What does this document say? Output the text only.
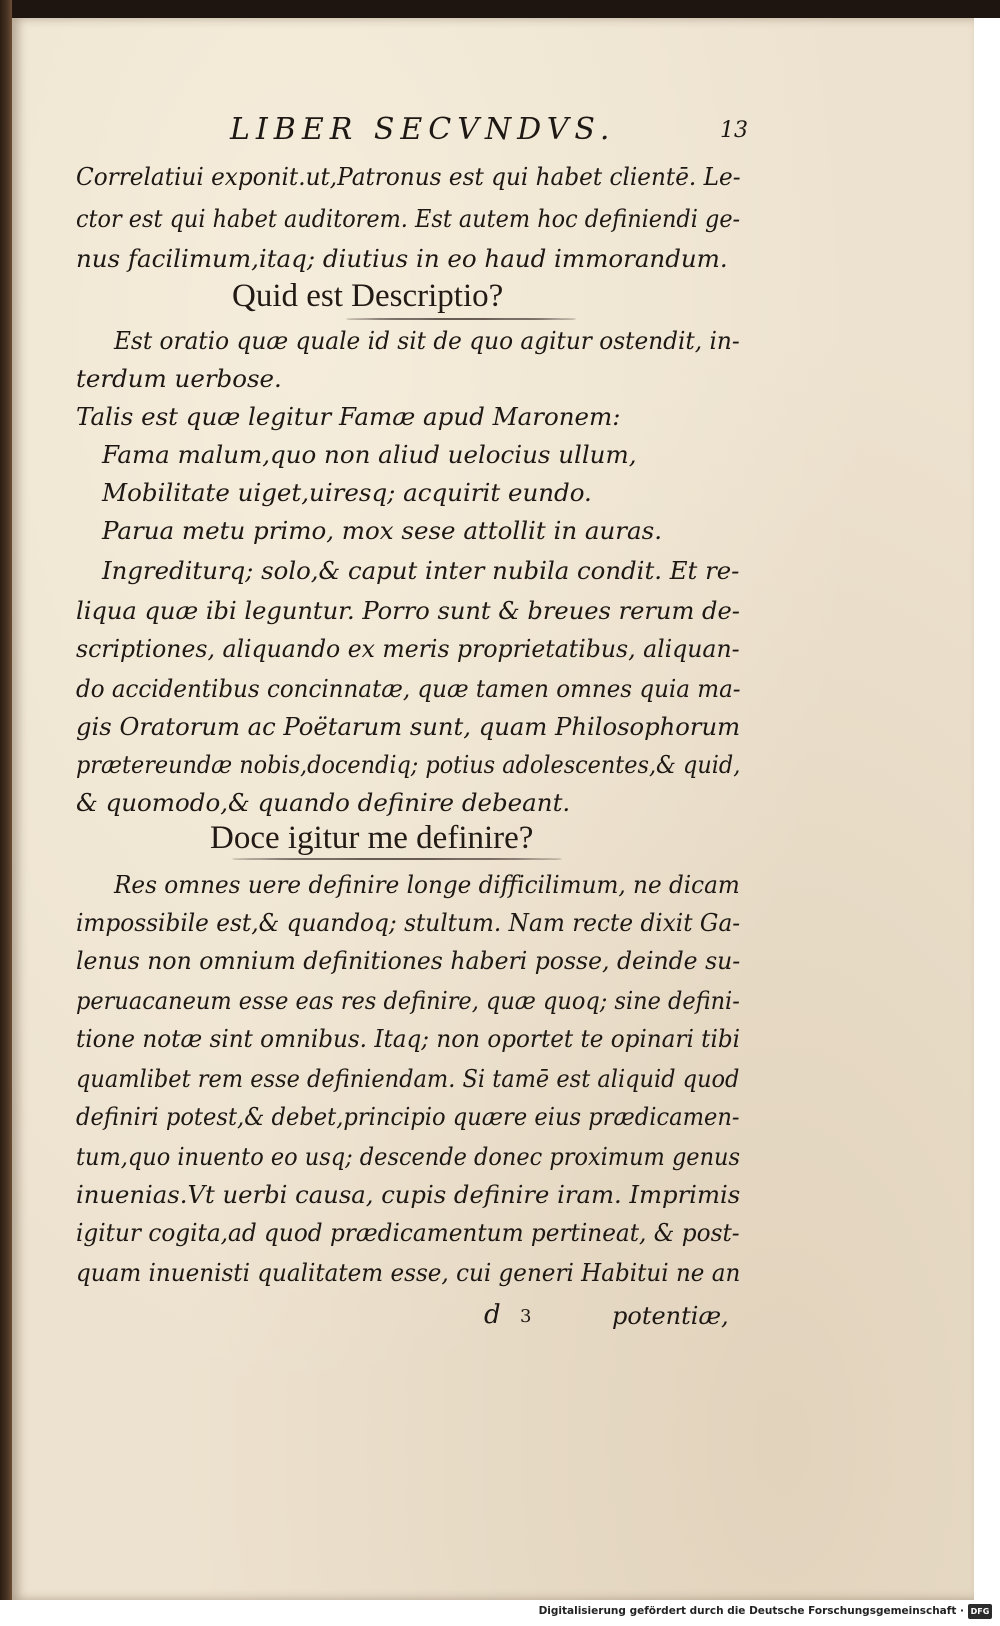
LIBER SECVNDVS.	13
Correlatiui exponit.ut,Patronus est qui habet clientē. Le‑
ctor est qui habet auditorem. Est autem hoc definiendi ge‑
nus facilimum,itaq; diutius in eo haud immorandum.
Quid est Descriptio?
Est oratio quæ quale id sit de quo agitur ostendit, in‑
terdum uerbose.
Talis est quæ legitur Famæ apud Maronem:
Fama malum,quo non aliud uelocius ullum,
Mobilitate uiget,uiresq; acquirit eundo.
Parua metu primo, mox sese attollit in auras.
Ingrediturq; solo,& caput inter nubila condit. Et re‑
liqua quæ ibi leguntur. Porro sunt & breues rerum de‑
scriptiones, aliquando ex meris proprietatibus, aliquan‑
do accidentibus concinnatæ, quæ tamen omnes quia ma‑
gis Oratorum ac Poëtarum sunt, quam Philosophorum
prætereundæ nobis,docendiq; potius adolescentes,& quid,
& quomodo,& quando definire debeant.
Doce igitur me definire?
Res omnes uere definire longe difficilimum, ne dicam
impossibile est,& quandoq; stultum. Nam recte dixit Ga‑
lenus non omnium definitiones haberi posse, deinde su‑
peruacaneum esse eas res definire, quæ quoq; sine defini‑
tione notæ sint omnibus. Itaq; non oportet te opinari tibi
quamlibet rem esse definiendam. Si tamē est aliquid quod
definiri potest,& debet,principio quære eius prædicamen‑
tum,quo inuento eo usq; descende donec proximum genus
inuenias.Vt uerbi causa, cupis definire iram. Imprimis
igitur cogita,ad quod prædicamentum pertineat, & post‑
quam inuenisti qualitatem esse, cui generi Habitui ne an
d 3	potentiæ,
Digitalisierung gefördert durch die Deutsche Forschungsgemeinschaft · DFG
